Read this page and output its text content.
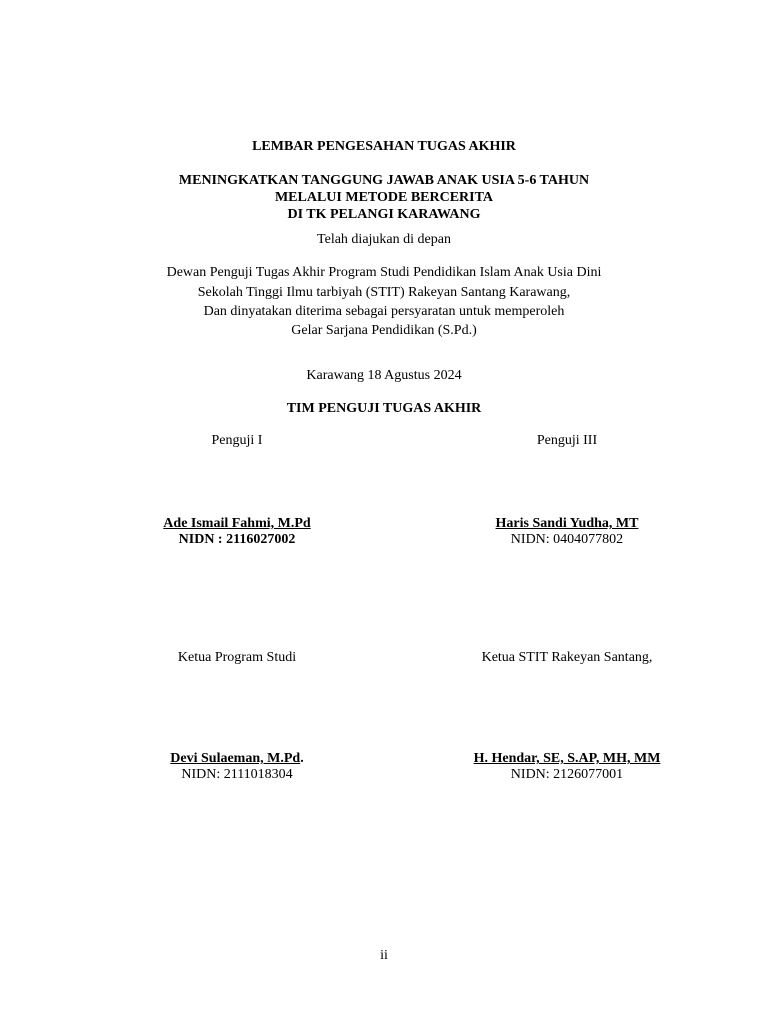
LEMBAR PENGESAHAN TUGAS AKHIR
MENINGKATKAN TANGGUNG JAWAB ANAK USIA 5-6 TAHUN
MELALUI METODE BERCERITA
DI TK PELANGI KARAWANG
Telah diajukan di depan
Dewan Penguji Tugas Akhir Program Studi Pendidikan Islam Anak Usia Dini
Sekolah Tinggi Ilmu tarbiyah (STIT) Rakeyan Santang Karawang,
Dan dinyatakan diterima sebagai persyaratan untuk memperoleh
Gelar Sarjana Pendidikan (S.Pd.)
Karawang 18 Agustus 2024
TIM PENGUJI TUGAS AKHIR
Penguji I	Penguji III
Ade Ismail Fahmi, M.Pd
NIDN : 2116027002
Haris Sandi Yudha, MT
NIDN: 0404077802
Ketua Program Studi	Ketua STIT Rakeyan Santang,
Devi Sulaeman, M.Pd.
NIDN: 2111018304
H. Hendar, SE, S.AP, MH, MM
NIDN: 2126077001
ii
